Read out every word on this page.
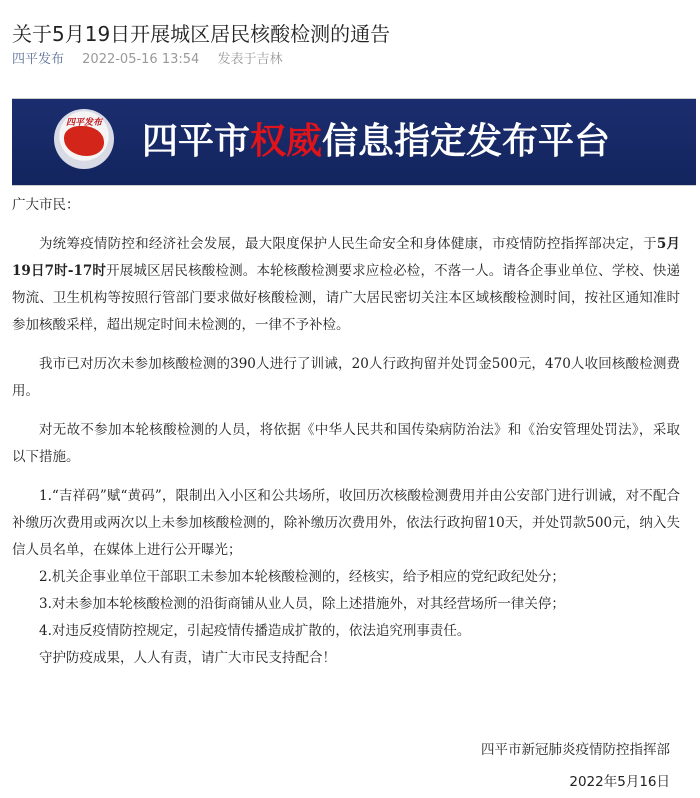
关于5月19日开展城区居民核酸检测的通告
四平发布 2022-05-16 13:54 发表于吉林
四平发布	四平市权威信息指定发布平台

广大市民：

为统筹疫情防控和经济社会发展，最大限度保护人民生命安全和身体健康，市疫情防控指挥部决定，于5月19日7时-17时开展城区居民核酸检测。本轮核酸检测要求应检必检，不落一人。请各企事业单位、学校、快递物流、卫生机构等按照行管部门要求做好核酸检测，请广大居民密切关注本区域核酸检测时间，按社区通知准时参加核酸采样，超出规定时间未检测的，一律不予补检。

我市已对历次未参加核酸检测的390人进行了训诫，20人行政拘留并处罚金500元，470人收回核酸检测费用。

对无故不参加本轮核酸检测的人员，将依据《中华人民共和国传染病防治法》和《治安管理处罚法》，采取以下措施。

1.“吉祥码”赋“黄码”，限制出入小区和公共场所，收回历次核酸检测费用并由公安部门进行训诫，对不配合补缴历次费用或两次以上未参加核酸检测的，除补缴历次费用外，依法行政拘留10天，并处罚款500元，纳入失信人员名单，在媒体上进行公开曝光；

2.机关企事业单位干部职工未参加本轮核酸检测的，经核实，给予相应的党纪政纪处分；

3.对未参加本轮核酸检测的沿街商铺从业人员，除上述措施外，对其经营场所一律关停；

4.对违反疫情防控规定，引起疫情传播造成扩散的，依法追究刑事责任。

守护防疫成果，人人有责，请广大市民支持配合！

四平市新冠肺炎疫情防控指挥部
2022年5月16日
